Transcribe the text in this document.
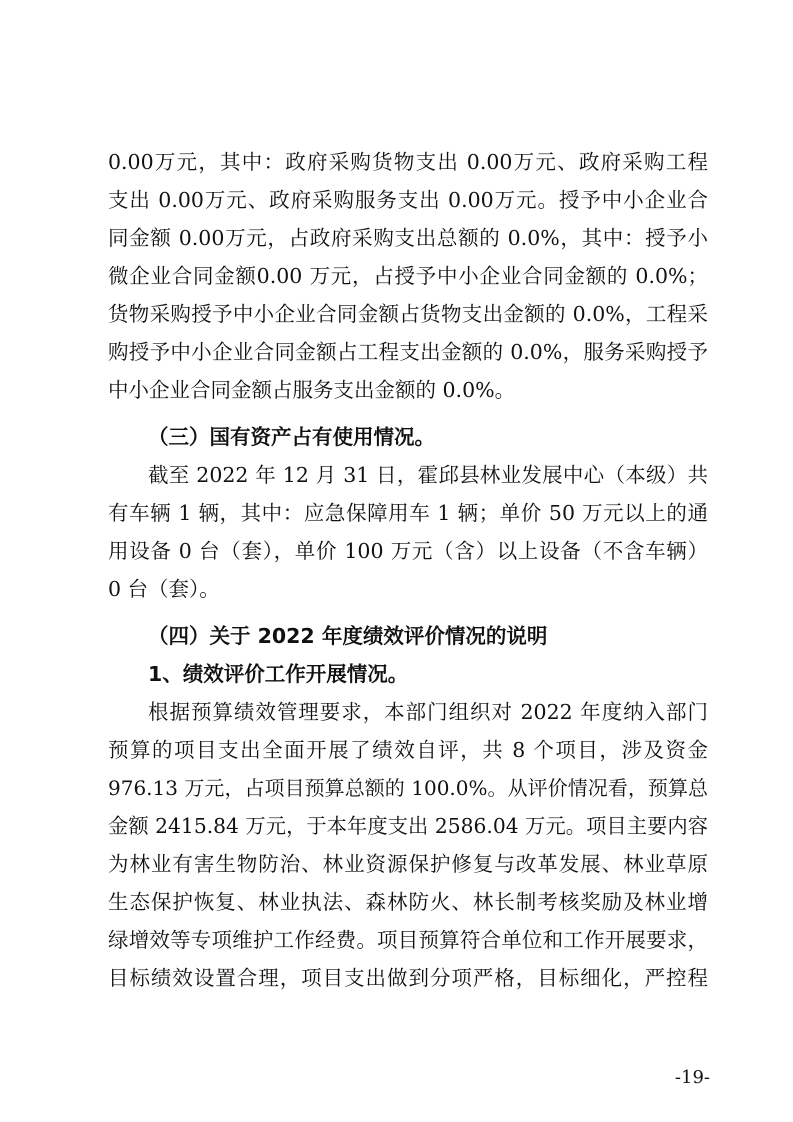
0.00万元，其中：政府采购货物支出 0.00万元、政府采购工程
支出 0.00万元、政府采购服务支出 0.00万元。授予中小企业合
同金额 0.00万元，占政府采购支出总额的 0.0%，其中：授予小
微企业合同金额0.00 万元，占授予中小企业合同金额的 0.0%；
货物采购授予中小企业合同金额占货物支出金额的 0.0%，工程采
购授予中小企业合同金额占工程支出金额的 0.0%，服务采购授予
中小企业合同金额占服务支出金额的 0.0%。
（三）国有资产占有使用情况。
截至 2022 年 12 月 31 日，霍邱县林业发展中心（本级）共
有车辆 1 辆，其中：应急保障用车 1 辆；单价 50 万元以上的通
用设备 0 台（套），单价 100 万元（含）以上设备（不含车辆）
0 台（套）。
（四）关于 2022 年度绩效评价情况的说明
1、绩效评价工作开展情况。
根据预算绩效管理要求，本部门组织对 2022 年度纳入部门
预算的项目支出全面开展了绩效自评，共 8 个项目，涉及资金
976.13 万元，占项目预算总额的 100.0%。从评价情况看，预算总
金额 2415.84 万元，于本年度支出 2586.04 万元。项目主要内容
为林业有害生物防治、林业资源保护修复与改革发展、林业草原
生态保护恢复、林业执法、森林防火、林长制考核奖励及林业增
绿增效等专项维护工作经费。项目预算符合单位和工作开展要求，
目标绩效设置合理，项目支出做到分项严格，目标细化，严控程
-19-
